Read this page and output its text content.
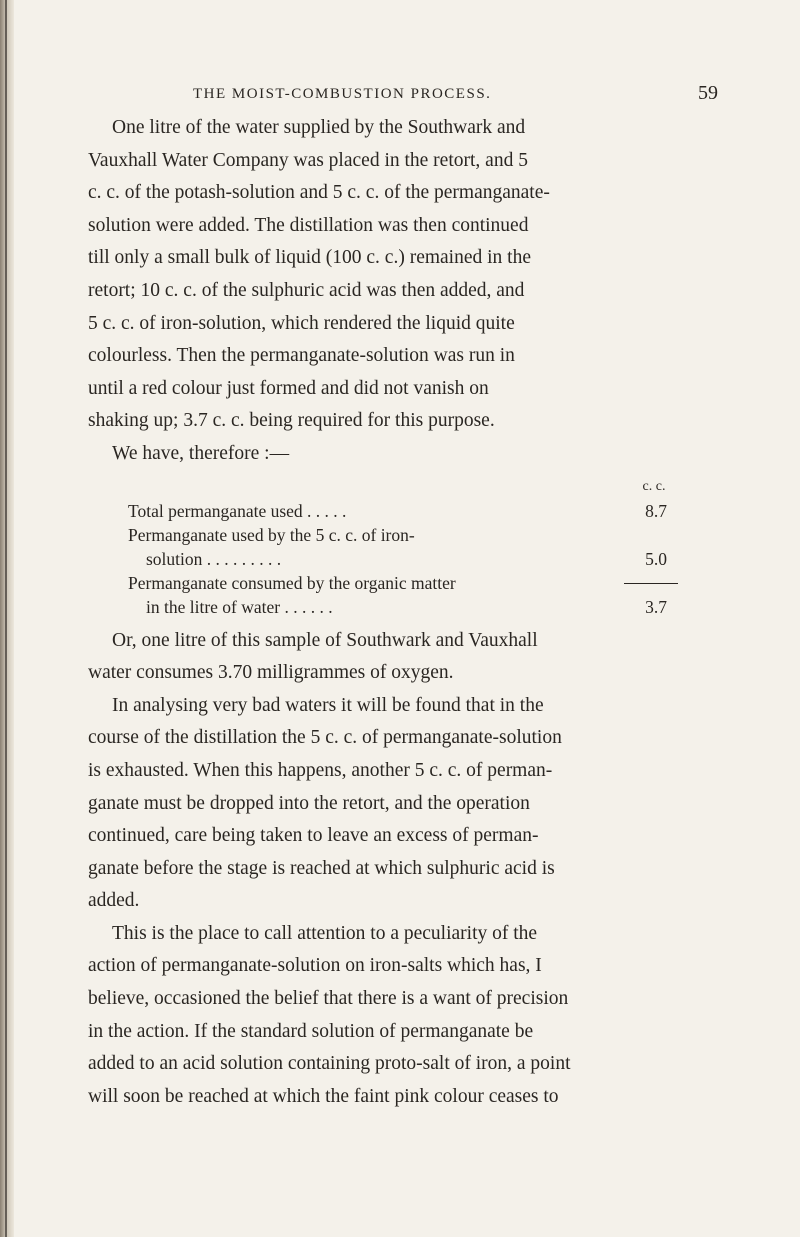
THE MOIST-COMBUSTION PROCESS.	59

One litre of the water supplied by the Southwark and

Vauxhall Water Company was placed in the retort, and 5

c. c. of the potash-solution and 5 c. c. of the permanganate-

solution were added. The distillation was then continued

till only a small bulk of liquid (100 c. c.) remained in the

retort; 10 c. c. of the sulphuric acid was then added, and

5 c. c. of iron-solution, which rendered the liquid quite

colourless. Then the permanganate-solution was run in

until a red colour just formed and did not vanish on

shaking up; 3.7 c. c. being required for this purpose.

We have, therefore :—

c. c.
Total permanganate used . . . . .	8.7
Permanganate used by the 5 c. c. of iron-
solution . . . . . . . . .	5.0
Permanganate consumed by the organic matter
in the litre of water . . . . . .	3.7

Or, one litre of this sample of Southwark and Vauxhall

water consumes 3.70 milligrammes of oxygen.

In analysing very bad waters it will be found that in the

course of the distillation the 5 c. c. of permanganate-solution

is exhausted. When this happens, another 5 c. c. of perman-

ganate must be dropped into the retort, and the operation

continued, care being taken to leave an excess of perman-

ganate before the stage is reached at which sulphuric acid is

added.

This is the place to call attention to a peculiarity of the

action of permanganate-solution on iron-salts which has, I

believe, occasioned the belief that there is a want of precision

in the action. If the standard solution of permanganate be

added to an acid solution containing proto-salt of iron, a point

will soon be reached at which the faint pink colour ceases to
